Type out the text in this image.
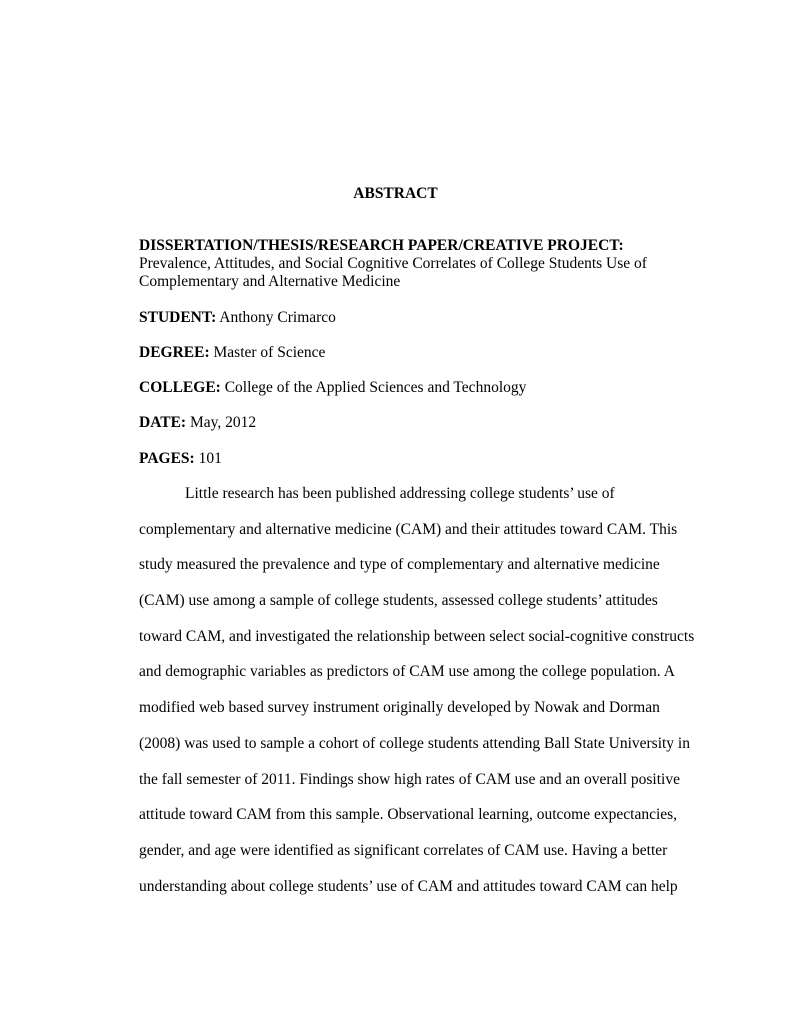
ABSTRACT
DISSERTATION/THESIS/RESEARCH PAPER/CREATIVE PROJECT:
Prevalence, Attitudes, and Social Cognitive Correlates of College Students Use of
Complementary and Alternative Medicine
STUDENT: Anthony Crimarco
DEGREE: Master of Science
COLLEGE: College of the Applied Sciences and Technology
DATE: May, 2012
PAGES: 101
Little research has been published addressing college students’ use of
complementary and alternative medicine (CAM) and their attitudes toward CAM. This
study measured the prevalence and type of complementary and alternative medicine
(CAM) use among a sample of college students, assessed college students’ attitudes
toward CAM, and investigated the relationship between select social-cognitive constructs
and demographic variables as predictors of CAM use among the college population. A
modified web based survey instrument originally developed by Nowak and Dorman
(2008) was used to sample a cohort of college students attending Ball State University in
the fall semester of 2011. Findings show high rates of CAM use and an overall positive
attitude toward CAM from this sample. Observational learning, outcome expectancies,
gender, and age were identified as significant correlates of CAM use. Having a better
understanding about college students’ use of CAM and attitudes toward CAM can help
